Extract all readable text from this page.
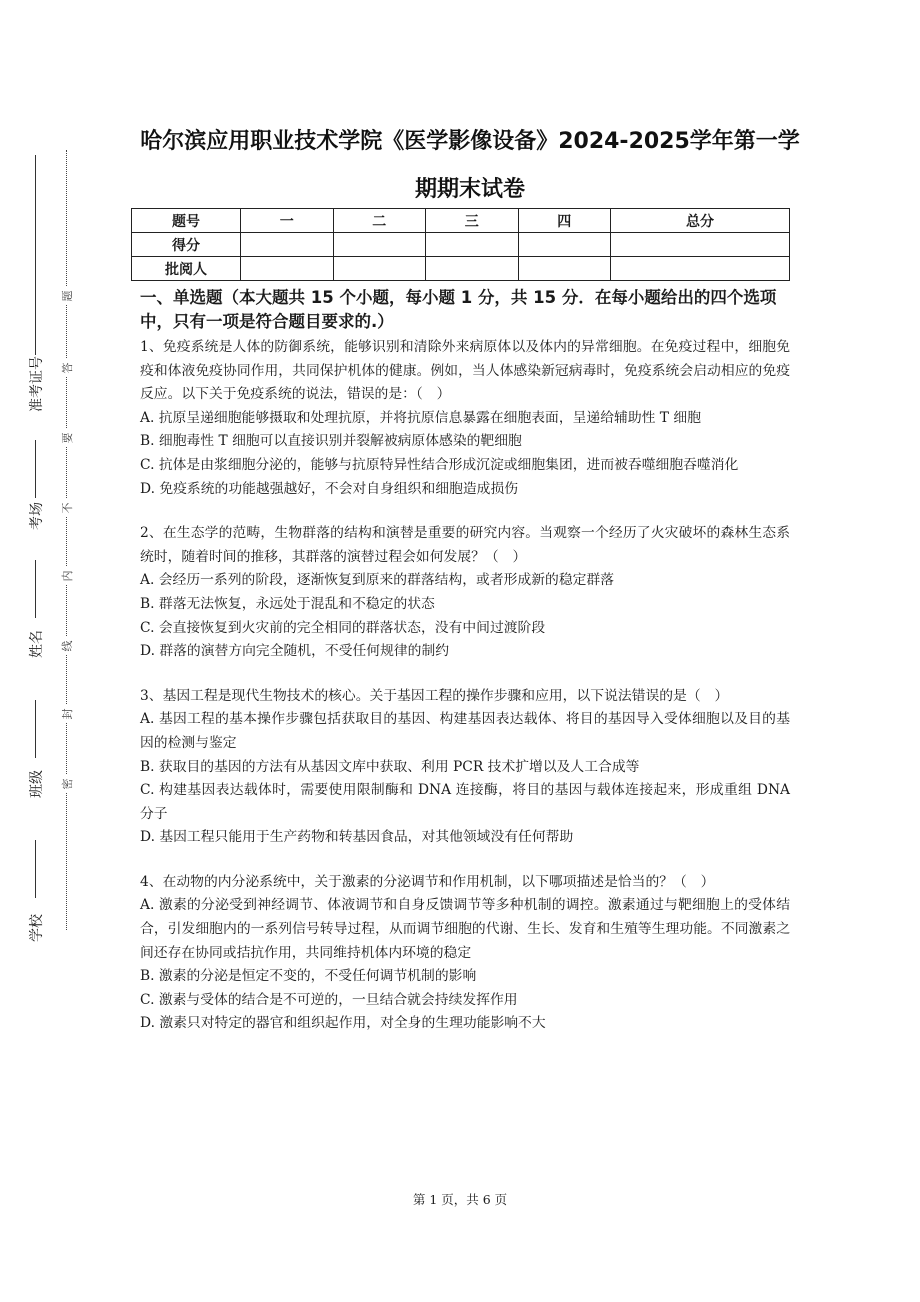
准考证号
考场
姓名
班级
学校
题
答
要
不
内
线
封
密
哈尔滨应用职业技术学院《医学影像设备》2024-2025学年第一学
期期末试卷
题号	一	二	三	四	总分
得分					
批阅人					

一、单选题（本大题共 15 个小题，每小题 1 分，共 15 分．在每小题给出的四个选项中，只有一项是符合题目要求的.）

1、免疫系统是人体的防御系统，能够识别和清除外来病原体以及体内的异常细胞。在免疫过程中，细胞免疫和体液免疫协同作用，共同保护机体的健康。例如，当人体感染新冠病毒时，免疫系统会启动相应的免疫反应。以下关于免疫系统的说法，错误的是：（　）

A. 抗原呈递细胞能够摄取和处理抗原，并将抗原信息暴露在细胞表面，呈递给辅助性 T 细胞

B. 细胞毒性 T 细胞可以直接识别并裂解被病原体感染的靶细胞

C. 抗体是由浆细胞分泌的，能够与抗原特异性结合形成沉淀或细胞集团，进而被吞噬细胞吞噬消化

D. 免疫系统的功能越强越好，不会对自身组织和细胞造成损伤

2、在生态学的范畴，生物群落的结构和演替是重要的研究内容。当观察一个经历了火灾破坏的森林生态系统时，随着时间的推移，其群落的演替过程会如何发展？（　）

A. 会经历一系列的阶段，逐渐恢复到原来的群落结构，或者形成新的稳定群落

B. 群落无法恢复，永远处于混乱和不稳定的状态

C. 会直接恢复到火灾前的完全相同的群落状态，没有中间过渡阶段

D. 群落的演替方向完全随机，不受任何规律的制约

3、基因工程是现代生物技术的核心。关于基因工程的操作步骤和应用，以下说法错误的是（　）

A. 基因工程的基本操作步骤包括获取目的基因、构建基因表达载体、将目的基因导入受体细胞以及目的基因的检测与鉴定

B. 获取目的基因的方法有从基因文库中获取、利用 PCR 技术扩增以及人工合成等

C. 构建基因表达载体时，需要使用限制酶和 DNA 连接酶，将目的基因与载体连接起来，形成重组 DNA 分子

D. 基因工程只能用于生产药物和转基因食品，对其他领域没有任何帮助

4、在动物的内分泌系统中，关于激素的分泌调节和作用机制，以下哪项描述是恰当的？（　）

A. 激素的分泌受到神经调节、体液调节和自身反馈调节等多种机制的调控。激素通过与靶细胞上的受体结合，引发细胞内的一系列信号转导过程，从而调节细胞的代谢、生长、发育和生殖等生理功能。不同激素之间还存在协同或拮抗作用，共同维持机体内环境的稳定

B. 激素的分泌是恒定不变的，不受任何调节机制的影响

C. 激素与受体的结合是不可逆的，一旦结合就会持续发挥作用

D. 激素只对特定的器官和组织起作用，对全身的生理功能影响不大

第 1 页，共 6 页
